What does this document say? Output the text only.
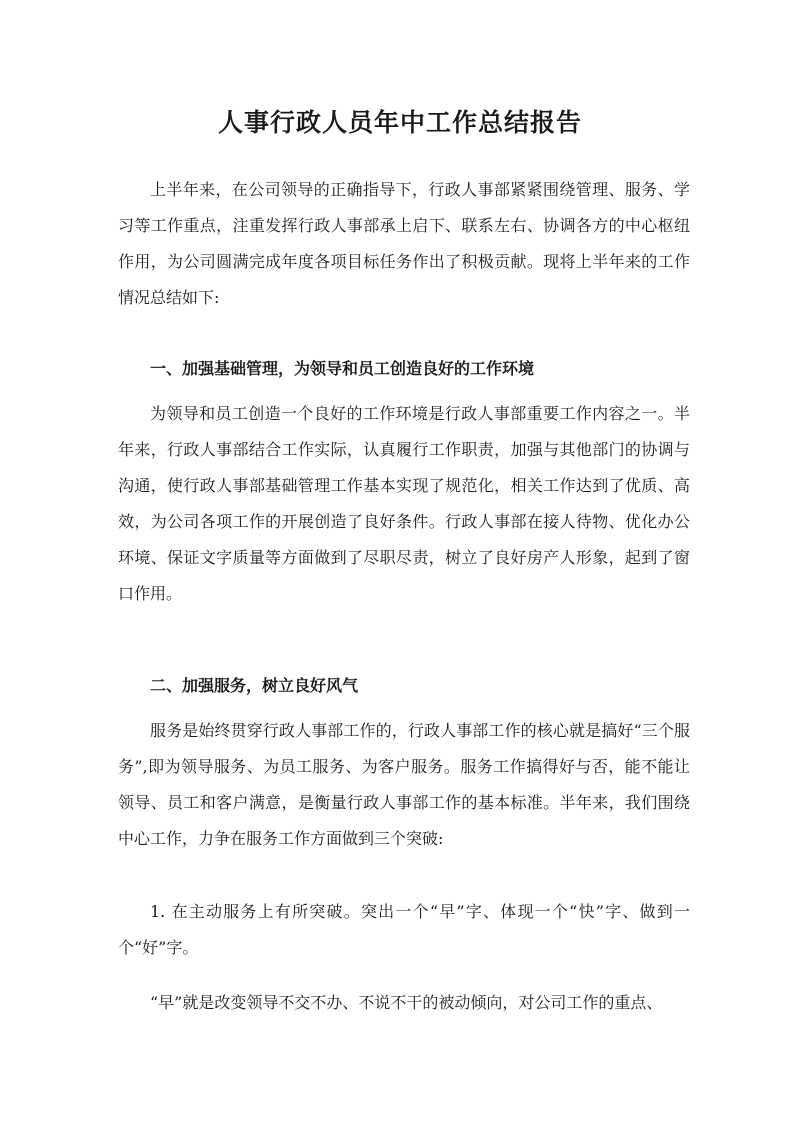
人事行政人员年中工作总结报告

上半年来，在公司领导的正确指导下，行政人事部紧紧围绕管理、服务、学习等工作重点，注重发挥行政人事部承上启下、联系左右、协调各方的中心枢纽作用，为公司圆满完成年度各项目标任务作出了积极贡献。现将上半年来的工作情况总结如下:

一、加强基础管理，为领导和员工创造良好的工作环境

为领导和员工创造一个良好的工作环境是行政人事部重要工作内容之一。半年来，行政人事部结合工作实际，认真履行工作职责，加强与其他部门的协调与沟通，使行政人事部基础管理工作基本实现了规范化，相关工作达到了优质、高效，为公司各项工作的开展创造了良好条件。行政人事部在接人待物、优化办公环境、保证文字质量等方面做到了尽职尽责，树立了良好房产人形象，起到了窗口作用。

二、加强服务，树立良好风气

服务是始终贯穿行政人事部工作的，行政人事部工作的核心就是搞好“三个服务”,即为领导服务、为员工服务、为客户服务。服务工作搞得好与否，能不能让领导、员工和客户满意，是衡量行政人事部工作的基本标准。半年来，我们围绕中心工作，力争在服务工作方面做到三个突破:

1. 在主动服务上有所突破。突出一个“早”字、体现一个“快”字、做到一个“好”字。

“早”就是改变领导不交不办、不说不干的被动倾向，对公司工作的重点、
